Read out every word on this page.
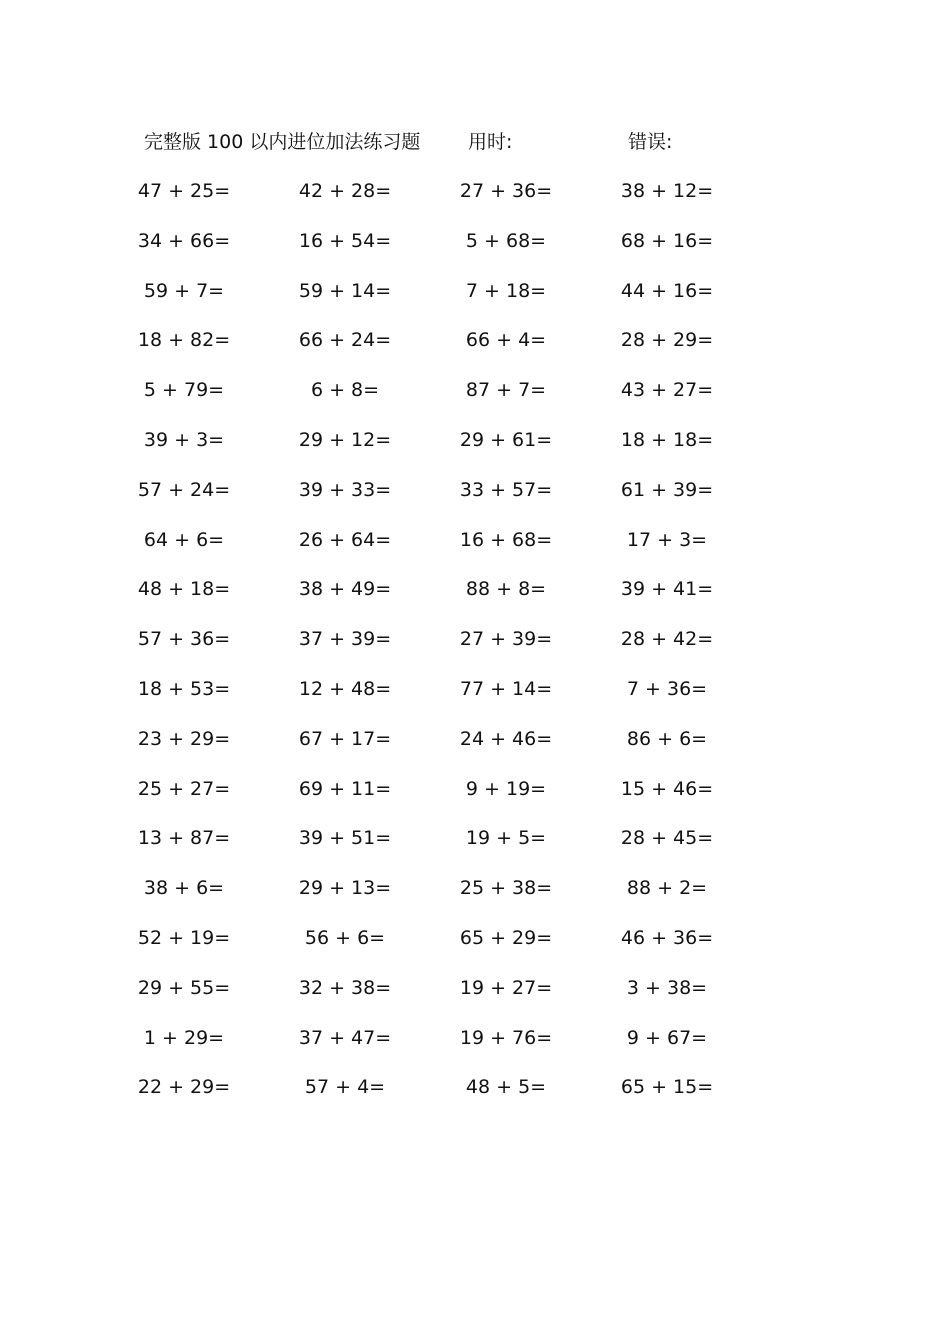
完整版 100 以内进位加法练习题	用时:	错误:
47 + 25=	42 + 28=	27 + 36=	38 + 12=
34 + 66=	16 + 54=	5 + 68=	68 + 16=
59 + 7=	59 + 14=	7 + 18=	44 + 16=
18 + 82=	66 + 24=	66 + 4=	28 + 29=
5 + 79=	6 + 8=	87 + 7=	43 + 27=
39 + 3=	29 + 12=	29 + 61=	18 + 18=
57 + 24=	39 + 33=	33 + 57=	61 + 39=
64 + 6=	26 + 64=	16 + 68=	17 + 3=
48 + 18=	38 + 49=	88 + 8=	39 + 41=
57 + 36=	37 + 39=	27 + 39=	28 + 42=
18 + 53=	12 + 48=	77 + 14=	7 + 36=
23 + 29=	67 + 17=	24 + 46=	86 + 6=
25 + 27=	69 + 11=	9 + 19=	15 + 46=
13 + 87=	39 + 51=	19 + 5=	28 + 45=
38 + 6=	29 + 13=	25 + 38=	88 + 2=
52 + 19=	56 + 6=	65 + 29=	46 + 36=
29 + 55=	32 + 38=	19 + 27=	3 + 38=
1 + 29=	37 + 47=	19 + 76=	9 + 67=
22 + 29=	57 + 4=	48 + 5=	65 + 15=
